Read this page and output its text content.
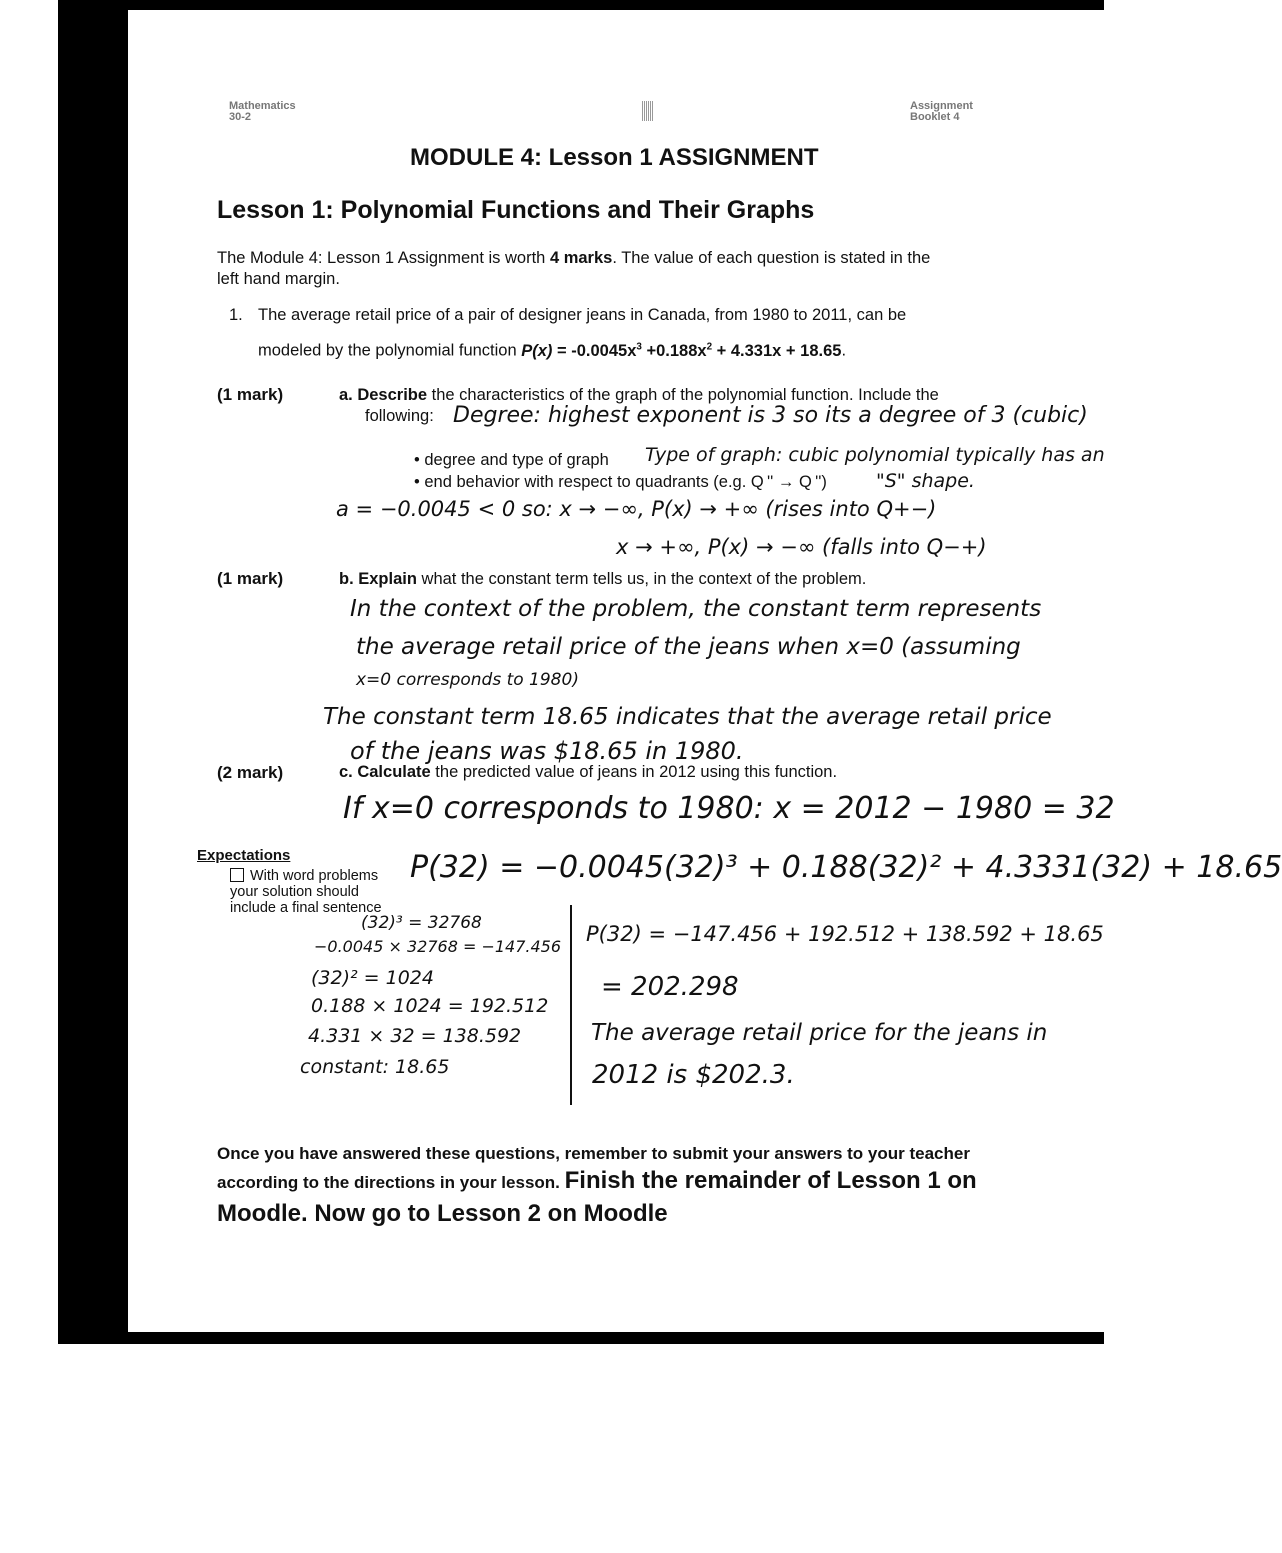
Mathematics
30-2
Assignment
Booklet 4
MODULE 4: Lesson 1 ASSIGNMENT
Lesson 1: Polynomial Functions and Their Graphs
The Module 4: Lesson 1 Assignment is worth 4 marks. The value of each question is stated in the
left hand margin.
1. The average retail price of a pair of designer jeans in Canada, from 1980 to 2011, can be
modeled by the polynomial function $P(x) = -0.0045x^3 +0.188x^2 + 4.331x + 18.65$.
(1 mark)	a. Describe the characteristics of the graph of the polynomial function. Include the
following: Degree: highest exponent is 3 so its a degree of 3 (cubic)
• degree and type of graph Type of graph: cubic polynomial typically has an
• end behavior with respect to quadrants (e.g. Q '' → Q '')	"S" shape.
a = −0.0045 < 0 so: x → −∞, P(x) → +∞ (rises into Q+−)
x → +∞, P(x) → −∞ (falls into Q−+)
(1 mark)	b. Explain what the constant term tells us, in the context of the problem.
In the context of the problem, the constant term represents
the average retail price of the jeans when x=0 (assuming
x=0 corresponds to 1980)
The constant term 18.65 indicates that the average retail price
of the jeans was $18.65 in 1980.
(2 mark)	c. Calculate the predicted value of jeans in 2012 using this function.
If x=0 corresponds to 1980: x = 2012 − 1980 = 32
P(32) = −0.0045(32)³ + 0.188(32)² + 4.3331(32) + 18.65
Expectations
With word problems your solution should include a final sentence
(32)³ = 32768
−0.0045 × 32768 = −147.456
(32)² = 1024
0.188 × 1024 = 192.512
4.331 × 32 = 138.592
constant: 18.65
P(32) = −147.456 + 192.512 + 138.592 + 18.65
= 202.298
The average retail price for the jeans in
2012 is $202.3.
Once you have answered these questions, remember to submit your answers to your teacher
according to the directions in your lesson. Finish the remainder of Lesson 1 on
Moodle. Now go to Lesson 2 on Moodle
